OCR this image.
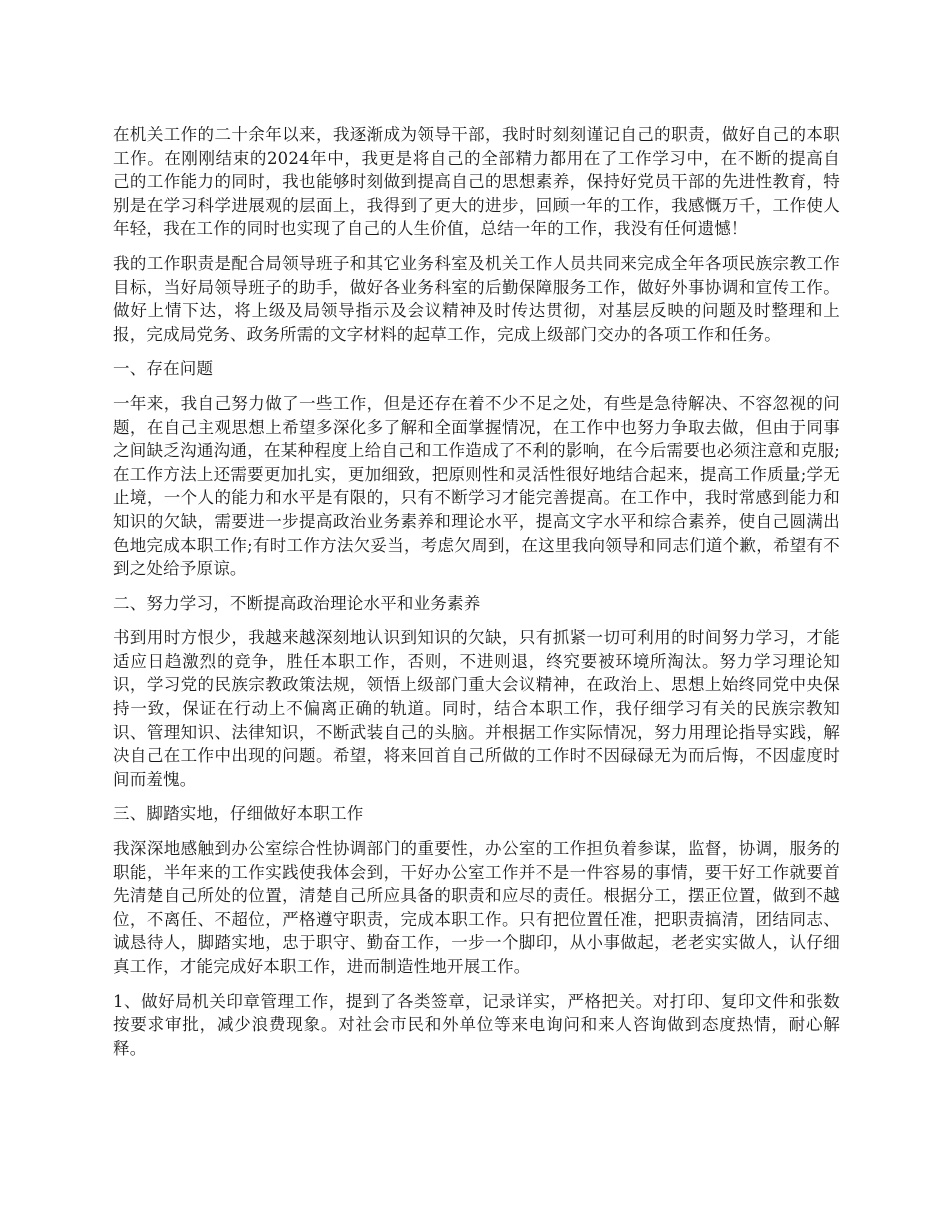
在机关工作的二十余年以来，我逐渐成为领导干部，我时时刻刻谨记自己的职责，做好自己的本职工作。在刚刚结束的2024年中，我更是将自己的全部精力都用在了工作学习中，在不断的提高自己的工作能力的同时，我也能够时刻做到提高自己的思想素养，保持好党员干部的先进性教育，特别是在学习科学进展观的层面上，我得到了更大的进步，回顾一年的工作，我感慨万千，工作使人年轻，我在工作的同时也实现了自己的人生价值，总结一年的工作，我没有任何遗憾！

我的工作职责是配合局领导班子和其它业务科室及机关工作人员共同来完成全年各项民族宗教工作目标，当好局领导班子的助手，做好各业务科室的后勤保障服务工作，做好外事协调和宣传工作。做好上情下达，将上级及局领导指示及会议精神及时传达贯彻，对基层反映的问题及时整理和上报，完成局党务、政务所需的文字材料的起草工作，完成上级部门交办的各项工作和任务。

一、存在问题

一年来，我自己努力做了一些工作，但是还存在着不少不足之处，有些是急待解决、不容忽视的问题，在自己主观思想上希望多深化多了解和全面掌握情况，在工作中也努力争取去做，但由于同事之间缺乏沟通沟通，在某种程度上给自己和工作造成了不利的影响，在今后需要也必须注意和克服;在工作方法上还需要更加扎实，更加细致，把原则性和灵活性很好地结合起来，提高工作质量;学无止境，一个人的能力和水平是有限的，只有不断学习才能完善提高。在工作中，我时常感到能力和知识的欠缺，需要进一步提高政治业务素养和理论水平，提高文字水平和综合素养，使自己圆满出色地完成本职工作;有时工作方法欠妥当，考虑欠周到，在这里我向领导和同志们道个歉，希望有不到之处给予原谅。

二、努力学习，不断提高政治理论水平和业务素养

书到用时方恨少，我越来越深刻地认识到知识的欠缺，只有抓紧一切可利用的时间努力学习，才能适应日趋激烈的竞争，胜任本职工作，否则，不进则退，终究要被环境所淘汰。努力学习理论知识，学习党的民族宗教政策法规，领悟上级部门重大会议精神，在政治上、思想上始终同党中央保持一致，保证在行动上不偏离正确的轨道。同时，结合本职工作，我仔细学习有关的民族宗教知识、管理知识、法律知识，不断武装自己的头脑。并根据工作实际情况，努力用理论指导实践，解决自己在工作中出现的问题。希望，将来回首自己所做的工作时不因碌碌无为而后悔，不因虚度时间而羞愧。

三、脚踏实地，仔细做好本职工作

我深深地感触到办公室综合性协调部门的重要性，办公室的工作担负着参谋，监督，协调，服务的职能，半年来的工作实践使我体会到，干好办公室工作并不是一件容易的事情，要干好工作就要首先清楚自己所处的位置，清楚自己所应具备的职责和应尽的责任。根据分工，摆正位置，做到不越位，不离任、不超位，严格遵守职责，完成本职工作。只有把位置任准，把职责搞清，团结同志、诚恳待人，脚踏实地，忠于职守、勤奋工作，一步一个脚印，从小事做起，老老实实做人，认仔细真工作，才能完成好本职工作，进而制造性地开展工作。

1、做好局机关印章管理工作，提到了各类签章，记录详实，严格把关。对打印、复印文件和张数按要求审批，减少浪费现象。对社会市民和外单位等来电询问和来人咨询做到态度热情，耐心解释。
